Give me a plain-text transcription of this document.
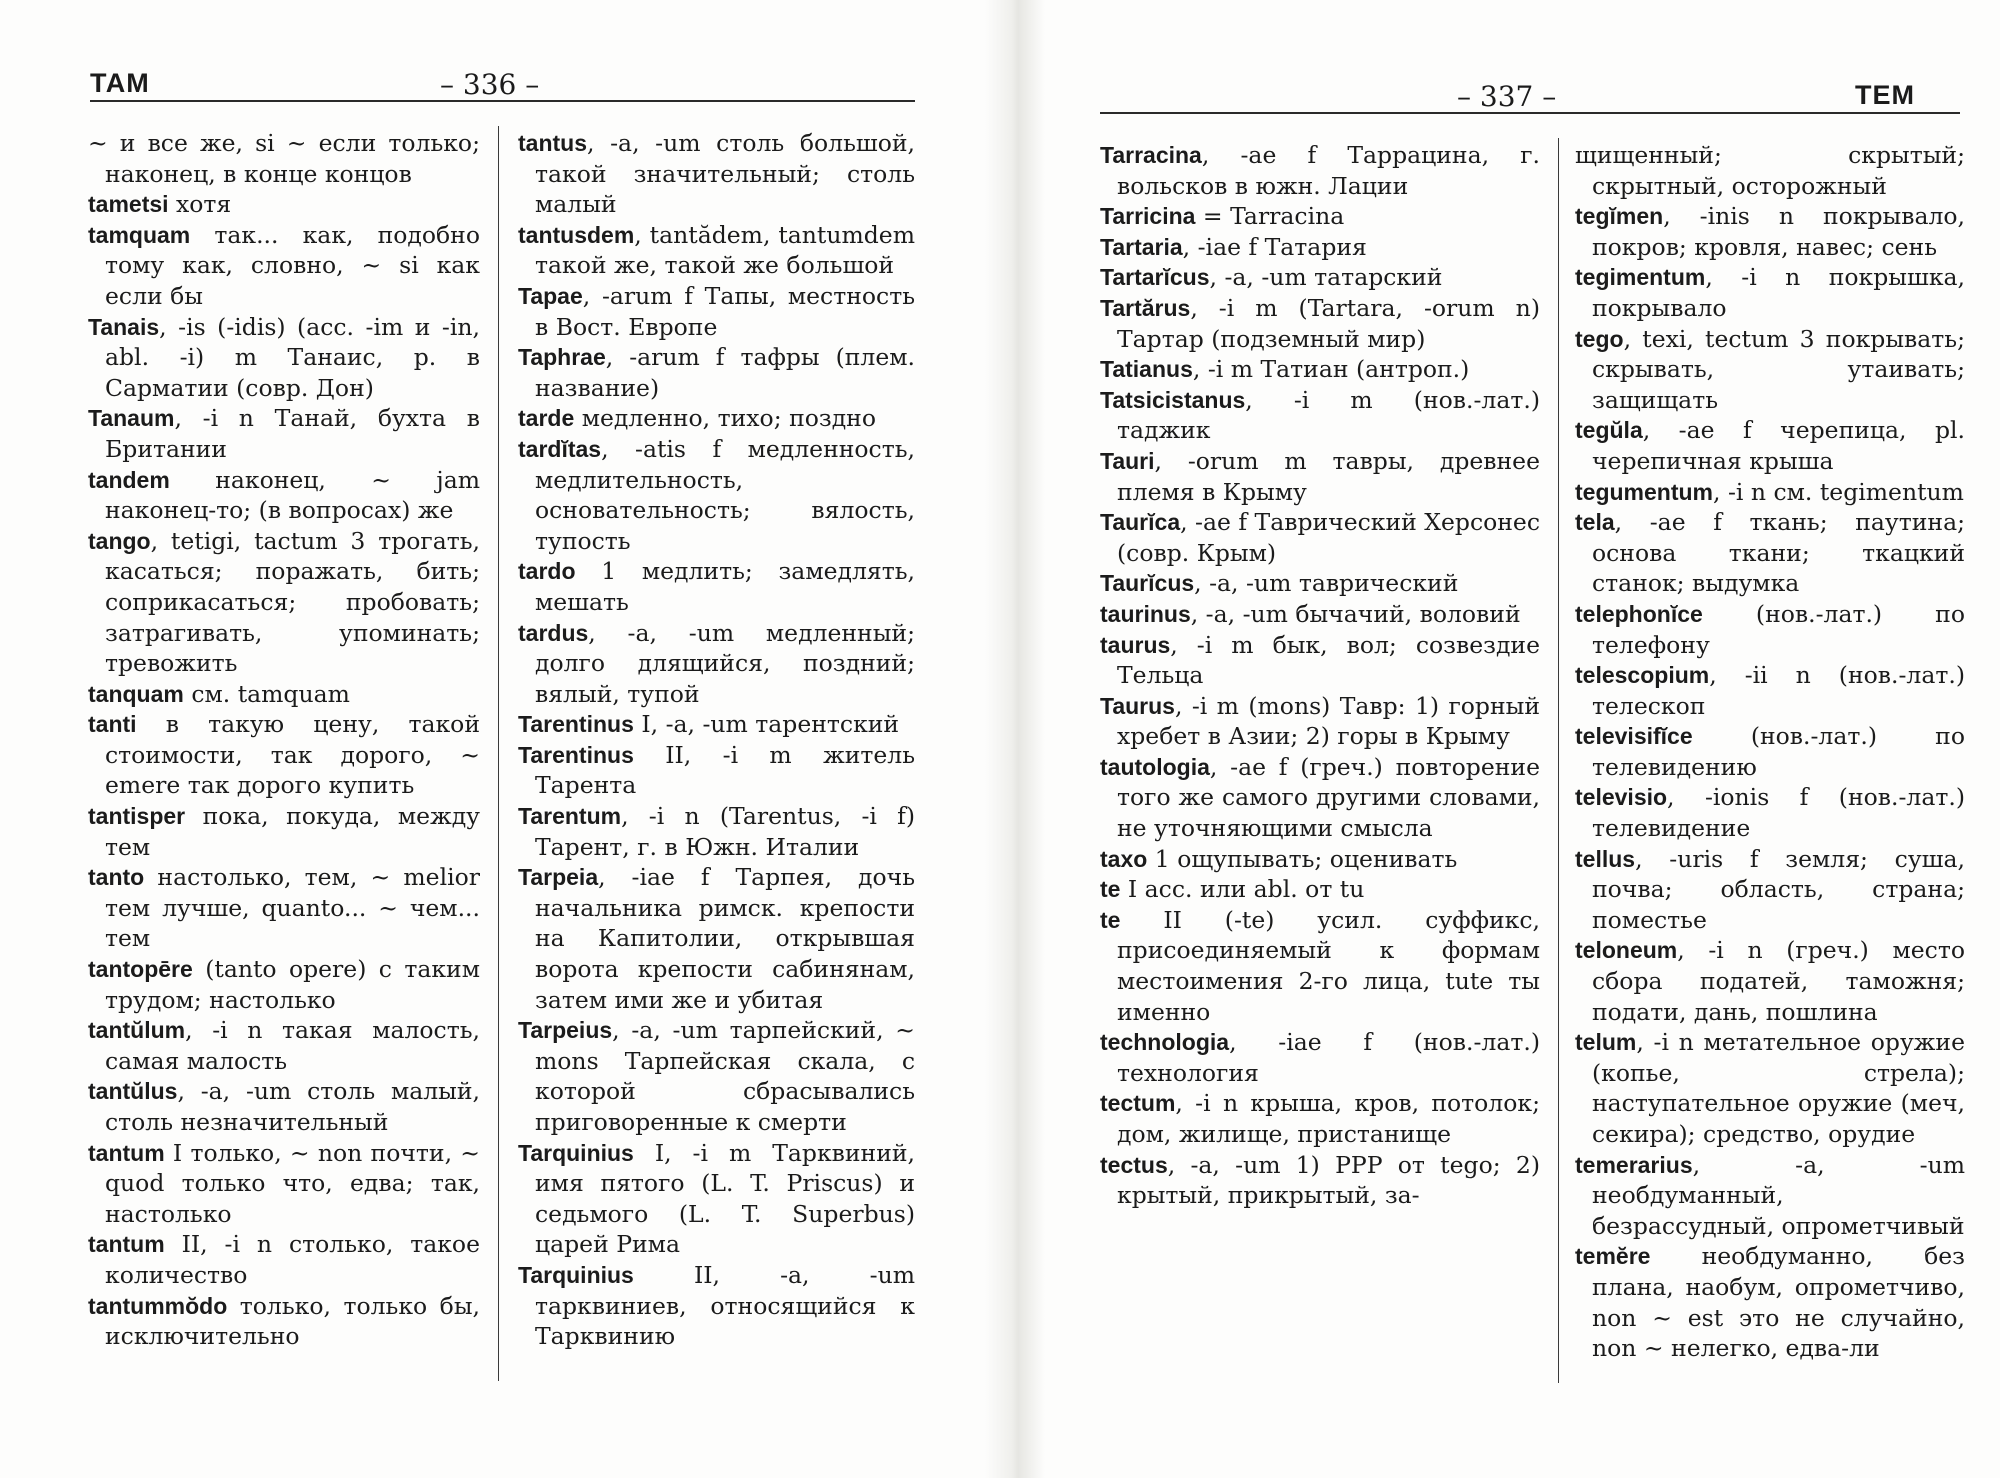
ТАМ	– 336 –

~ и все же, si ~ если только; наконец, в конце концов

tametsi хотя

tamquam так... как, подобно тому как, словно, ~ si как если бы

Tanais, -is (-idis) (acc. -im и -in, abl. -i) m Танаис, р. в Сарматии (совр. Дон)

Tanaum, -i n Танай, бухта в Британии

tandem наконец, ~ jam наконец-то; (в вопросах) же

tango, tetigi, tactum 3 трогать, касаться; поражать, бить; соприкасаться; пробовать; затрагивать, упоминать; тревожить

tanquam см. tamquam

tanti в такую цену, такой стоимости, так дорого, ~ emere так дорого купить

tantisper пока, покуда, между тем

tanto настолько, тем, ~ melior тем лучше, quanto... ~ чем... тем

tantopēre (tanto opere) с таким трудом; настолько

tantŭlum, -i n такая малость, самая малость

tantŭlus, -a, -um столь малый, столь незначительный

tantum I только, ~ non почти, ~ quod только что, едва; так, настолько

tantum II, -i n столько, такое количество

tantummŏdo только, только бы, исключительно

tantus, -a, -um столь большой, такой значительный; столь малый

tantusdem, tantădem, tantumdem такой же, такой же большой

Tapae, -arum f Тапы, местность в Вост. Европе

Taphrae, -arum f тафры (плем. название)

tarde медленно, тихо; поздно

tardĭtas, -atis f медленность, медлительность, основательность; вялость, тупость

tardo 1 медлить; замедлять, мешать

tardus, -a, -um медленный; долго длящийся, поздний; вялый, тупой

Tarentinus I, -a, -um тарентский

Tarentinus II, -i m житель Тарента

Tarentum, -i n (Tarentus, -i f) Тарент, г. в Южн. Италии

Tarpeia, -iae f Тарпея, дочь начальника римск. крепости на Капитолии, открывшая ворота крепости сабинянам, затем ими же и убитая

Tarpeius, -a, -um тарпейский, ~ mons Тарпейская скала, с которой сбрасывались приговоренные к смерти

Tarquinius I, -i m Тарквиний, имя пятого (L. T. Priscus) и седьмого (L. T. Superbus) царей Рима

Tarquinius II, -a, -um тарквиниев, относящийся к Тарквинию

– 337 –	ТЕМ

Tarracina, -ae f Таррацина, г. вольсков в южн. Лации

Tarricina = Tarracina

Tartaria, -iae f Татария

Tartarĭcus, -a, -um татарский

Tartărus, -i m (Tartara, -orum n) Тартар (подземный мир)

Tatianus, -i m Татиан (антроп.)

Tatsicistanus, -i m (нов.-лат.) таджик

Tauri, -orum m тавры, древнее племя в Крыму

Taurĭca, -ae f Таврический Херсонес (совр. Крым)

Taurĭcus, -a, -um таврический

taurinus, -a, -um бычачий, воловий

taurus, -i m бык, вол; созвездие Тельца

Taurus, -i m (mons) Тавр: 1) горный хребет в Азии; 2) горы в Крыму

tautologia, -ae f (греч.) повторение того же самого другими словами, не уточняющими смысла

taxo 1 ощупывать; оценивать

te I acc. или abl. от tu

te II (-te) усил. суффикс, присоединяемый к формам местоимения 2-го лица, tute ты именно

technologia, -iae f (нов.-лат.) технология

tectum, -i n крыша, кров, потолок; дом, жилище, пристанище

tectus, -a, -um 1) PPP от tego; 2) крытый, прикрытый, за-

щищенный; скрытый; скрытный, осторожный

tegĭmen, -inis n покрывало, покров; кровля, навес; сень

tegimentum, -i n покрышка, покрывало

tego, texi, tectum 3 покрывать; скрывать, утаивать; защищать

tegŭla, -ae f черепица, pl. черепичная крыша

tegumentum, -i n см. tegimentum

tela, -ae f ткань; паутина; основа ткани; ткацкий станок; выдумка

telephonĭce (нов.-лат.) по телефону

telescopium, -ii n (нов.-лат.) телескоп

televisifĭce (нов.-лат.) по телевидению

televisio, -ionis f (нов.-лат.) телевидение

tellus, -uris f земля; суша, почва; область, страна; поместье

teloneum, -i n (греч.) место сбора податей, таможня; подати, дань, пошлина

telum, -i n метательное оружие (копье, стрела); наступательное оружие (меч, секира); средство, орудие

temerarius, -a, -um необдуманный, безрассудный, опрометчивый

temĕre необдуманно, без плана, наобум, опрометчиво, non ~ est это не случайно, non ~ нелегко, едва-ли
